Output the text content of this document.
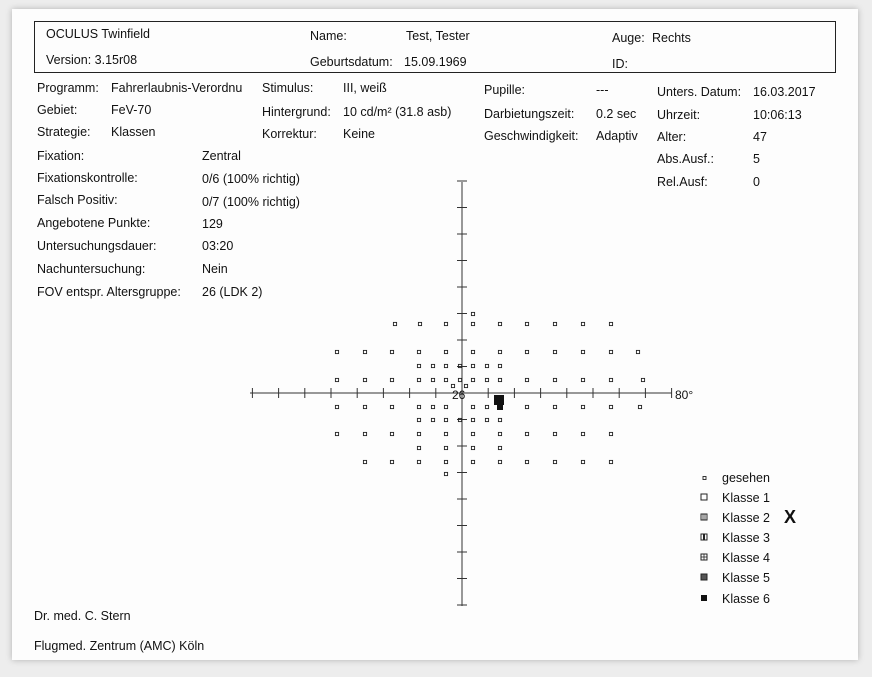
OCULUS Twinfield
Version: 3.15r08
Name:	Test, Tester
Geburtsdatum: 15.09.1969
Auge: Rechts
ID:
Programm: Fahrerlaubnis-Verordnu
Gebiet:	FeV-70
Strategie: Klassen
Stimulus: III, weiß
Hintergrund: 10 cd/m² (31.8 asb)
Korrektur: Keine
Pupille:	---
Darbietungszeit: 0.2 sec
Geschwindigkeit: Adaptiv
Unters. Datum: 16.03.2017
Uhrzeit:	10:06:13
Alter:	47
Abs.Ausf.:	5
Rel.Ausf:	0
Fixation:	Zentral
Fixationskontrolle:	0/6 (100% richtig)
Falsch Positiv:	0/7 (100% richtig)
Angebotene Punkte:	129
Untersuchungsdauer:	03:20
Nachuntersuchung:	Nein
FOV entspr. Altersgruppe: 26 (LDK 2)
26	80°
gesehen
Klasse 1
Klasse 2
Klasse 3
Klasse 4
Klasse 5
Klasse 6
X
Dr. med. C. Stern
Flugmed. Zentrum (AMC) Köln
